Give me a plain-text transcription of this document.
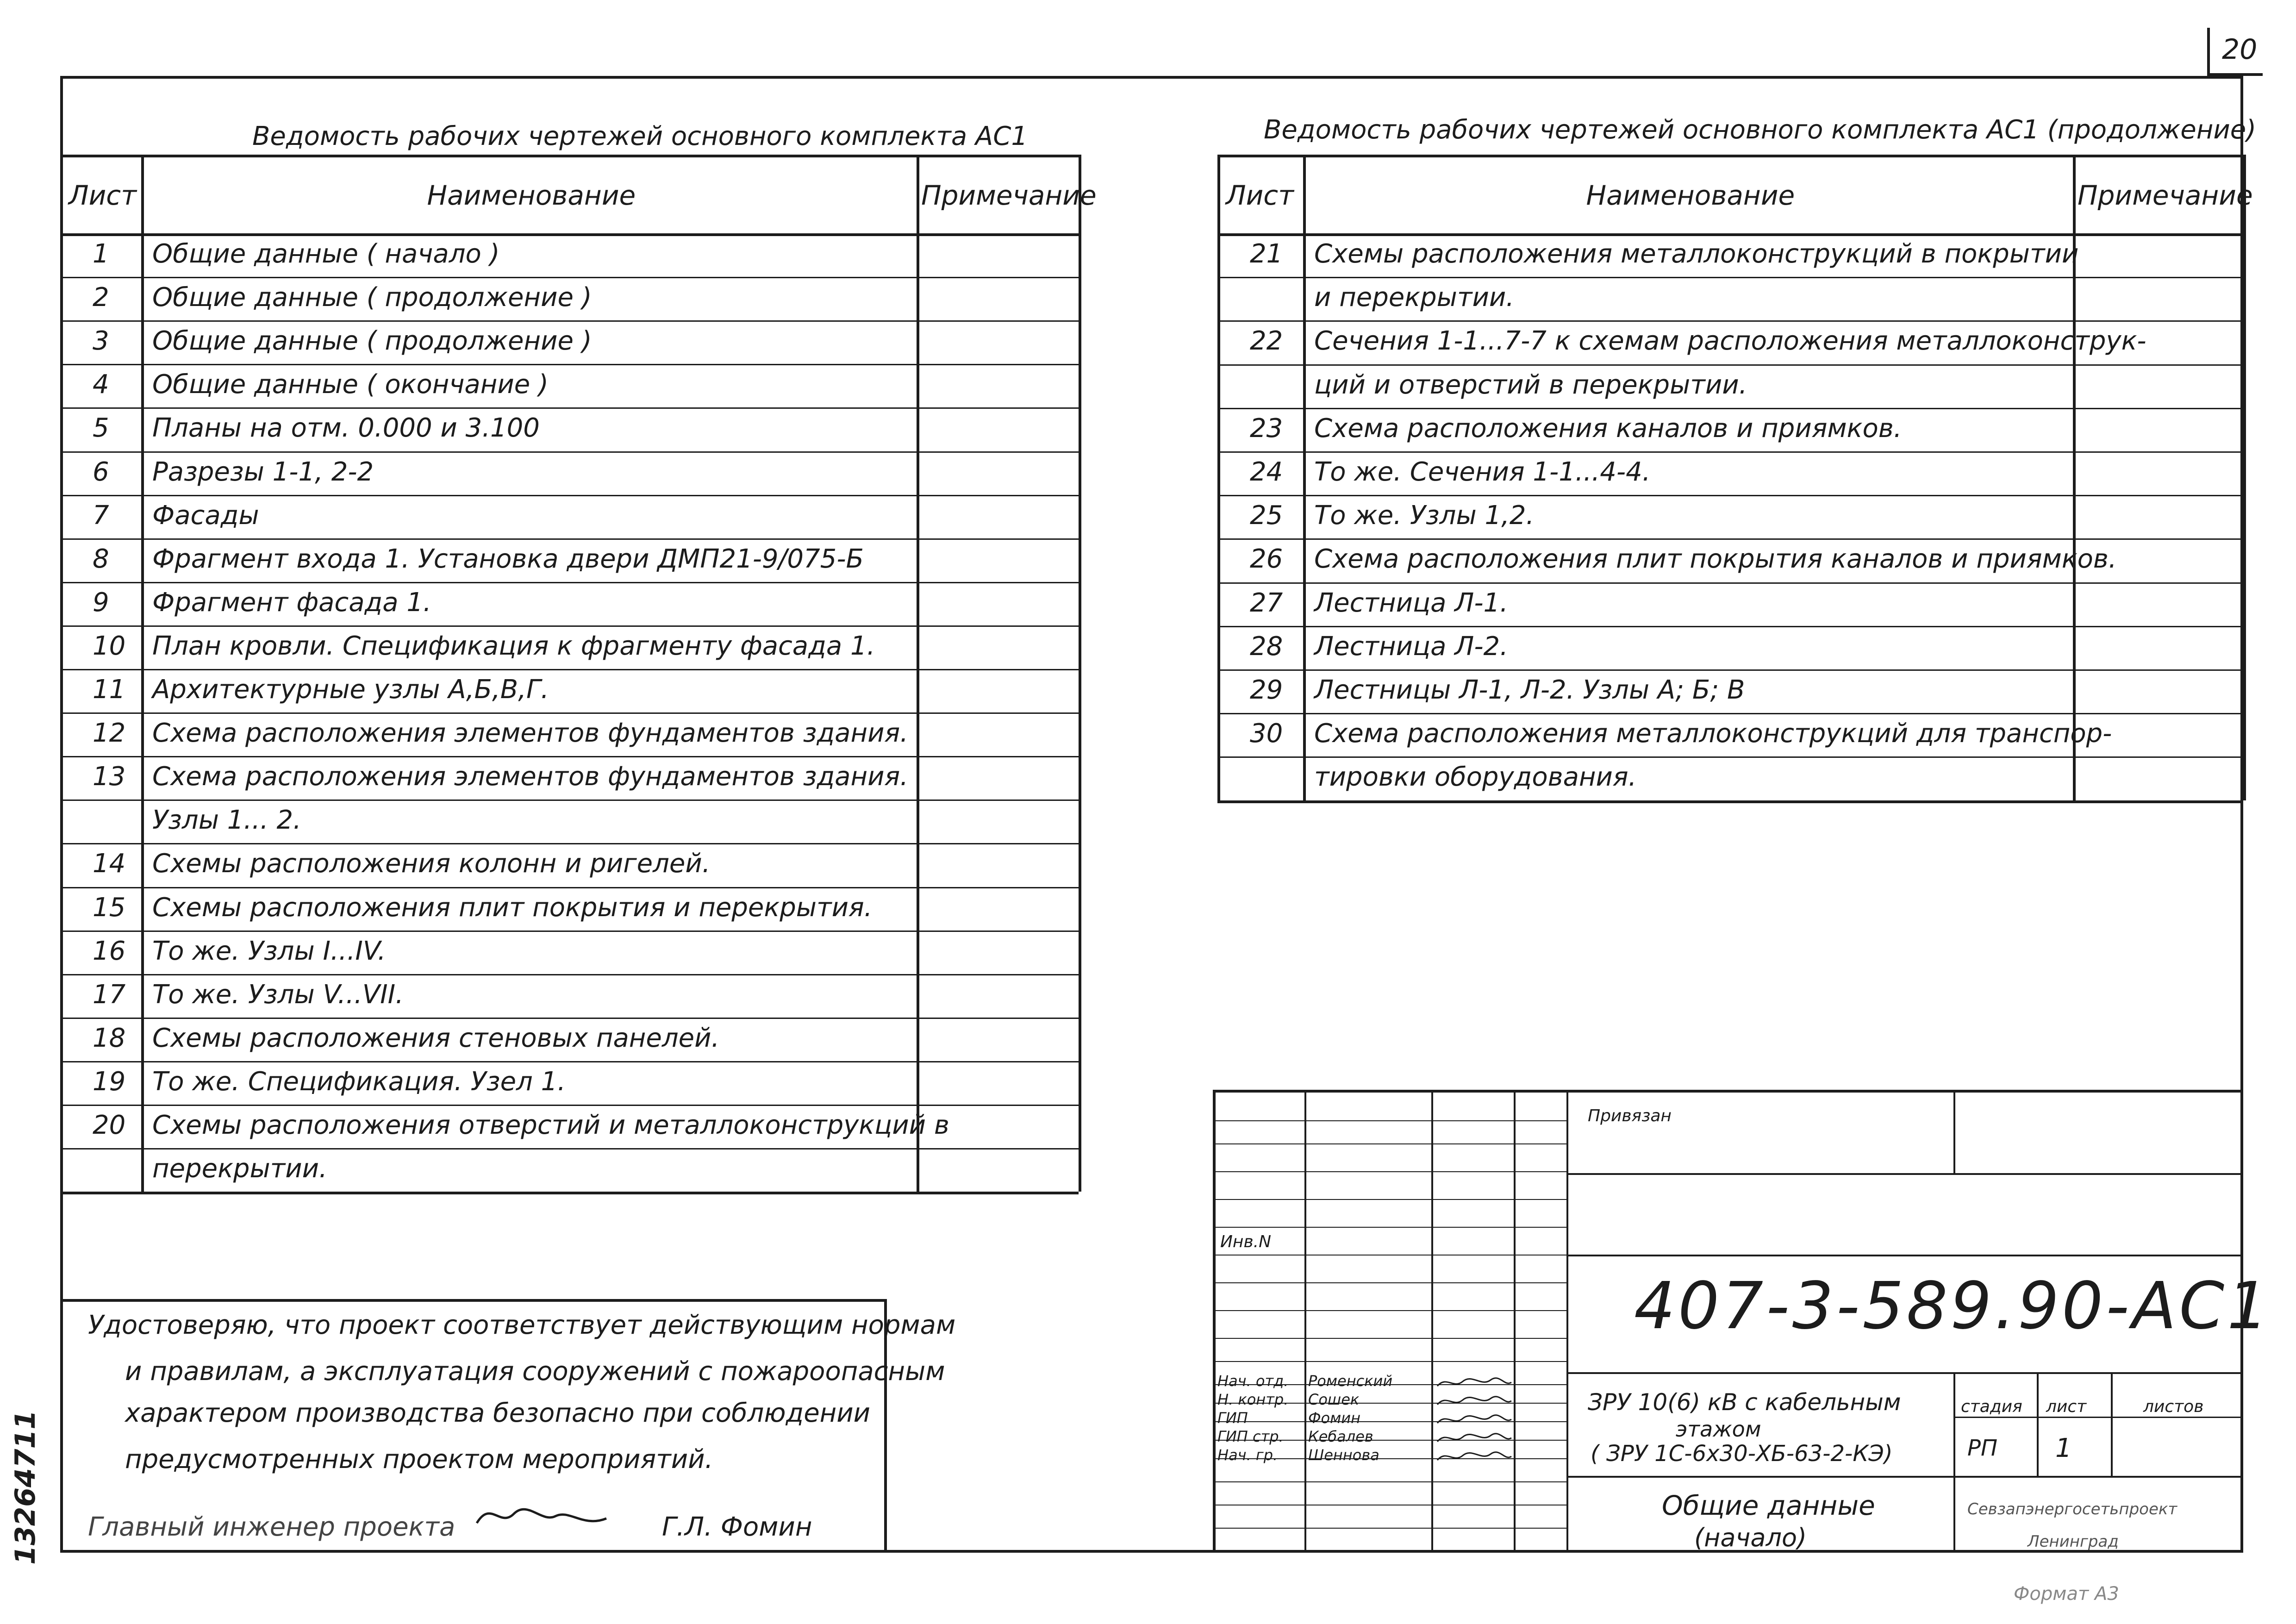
20
13264711
Ведомость рабочих чертежей основного комплекта АС1
Лист	Наименование	Примечание
1 Общие данные ( начало )
2 Общие данные ( продолжение )
3 Общие данные ( продолжение )
4 Общие данные ( окончание )
5 Планы на отм. 0.000 и 3.100
6 Разрезы 1-1, 2-2
7 Фасады
8 Фрагмент входа 1. Установка двери ДМП21-9/075-Б
9 Фрагмент фасада 1.
10 План кровли. Спецификация к фрагменту фасада 1.
11 Архитектурные узлы А,Б,В,Г.
12 Схема расположения элементов фундаментов здания.
13 Схема расположения элементов фундаментов здания.
Узлы 1... 2.
14 Схемы расположения колонн и ригелей.
15 Схемы расположения плит покрытия и перекрытия.
16 То же. Узлы I...IV.
17 То же. Узлы V...VII.
18 Схемы расположения стеновых панелей.
19 То же. Спецификация. Узел 1.
20 Схемы расположения отверстий и металлоконструкций в
перекрытии.
Ведомость рабочих чертежей основного комплекта АС1 (продолжение)
Лист	Наименование	Примечание
21 Схемы расположения металлоконструкций в покрытии
и перекрытии.
22 Сечения 1-1...7-7 к схемам расположения металлоконструк-
ций и отверстий в перекрытии.
23 Схема расположения каналов и приямков.
24 То же. Сечения 1-1...4-4.
25 То же. Узлы 1,2.
26 Схема расположения плит покрытия каналов и приямков.
27 Лестница Л-1.
28 Лестница Л-2.
29 Лестницы Л-1, Л-2. Узлы А; Б; В
30 Схема расположения металлоконструкций для транспор-
тировки оборудования.
Удостоверяю, что проект соответствует действующим нормам
и правилам, а эксплуатация сооружений с пожароопасным
характером производства безопасно при соблюдении
предусмотренных проектом мероприятий.
Главный инженер проекта	Г.Л. Фомин
Привязан
Инв.N
407-3-589.90-АС1
ЗРУ 10(6) кВ с кабельным
этажом
( ЗРУ 1С-6х30-ХБ-63-2-КЭ)
стадия лист	листов
РП 1
Общие данные
(начало)
Севзапэнергосетьпроект
Ленинград
Нач. отд. Роменский
Н. контр. Сошек
ГИП	Фомин
ГИП стр. Кебалев
Нач. гр. Шеннова
Формат А3
